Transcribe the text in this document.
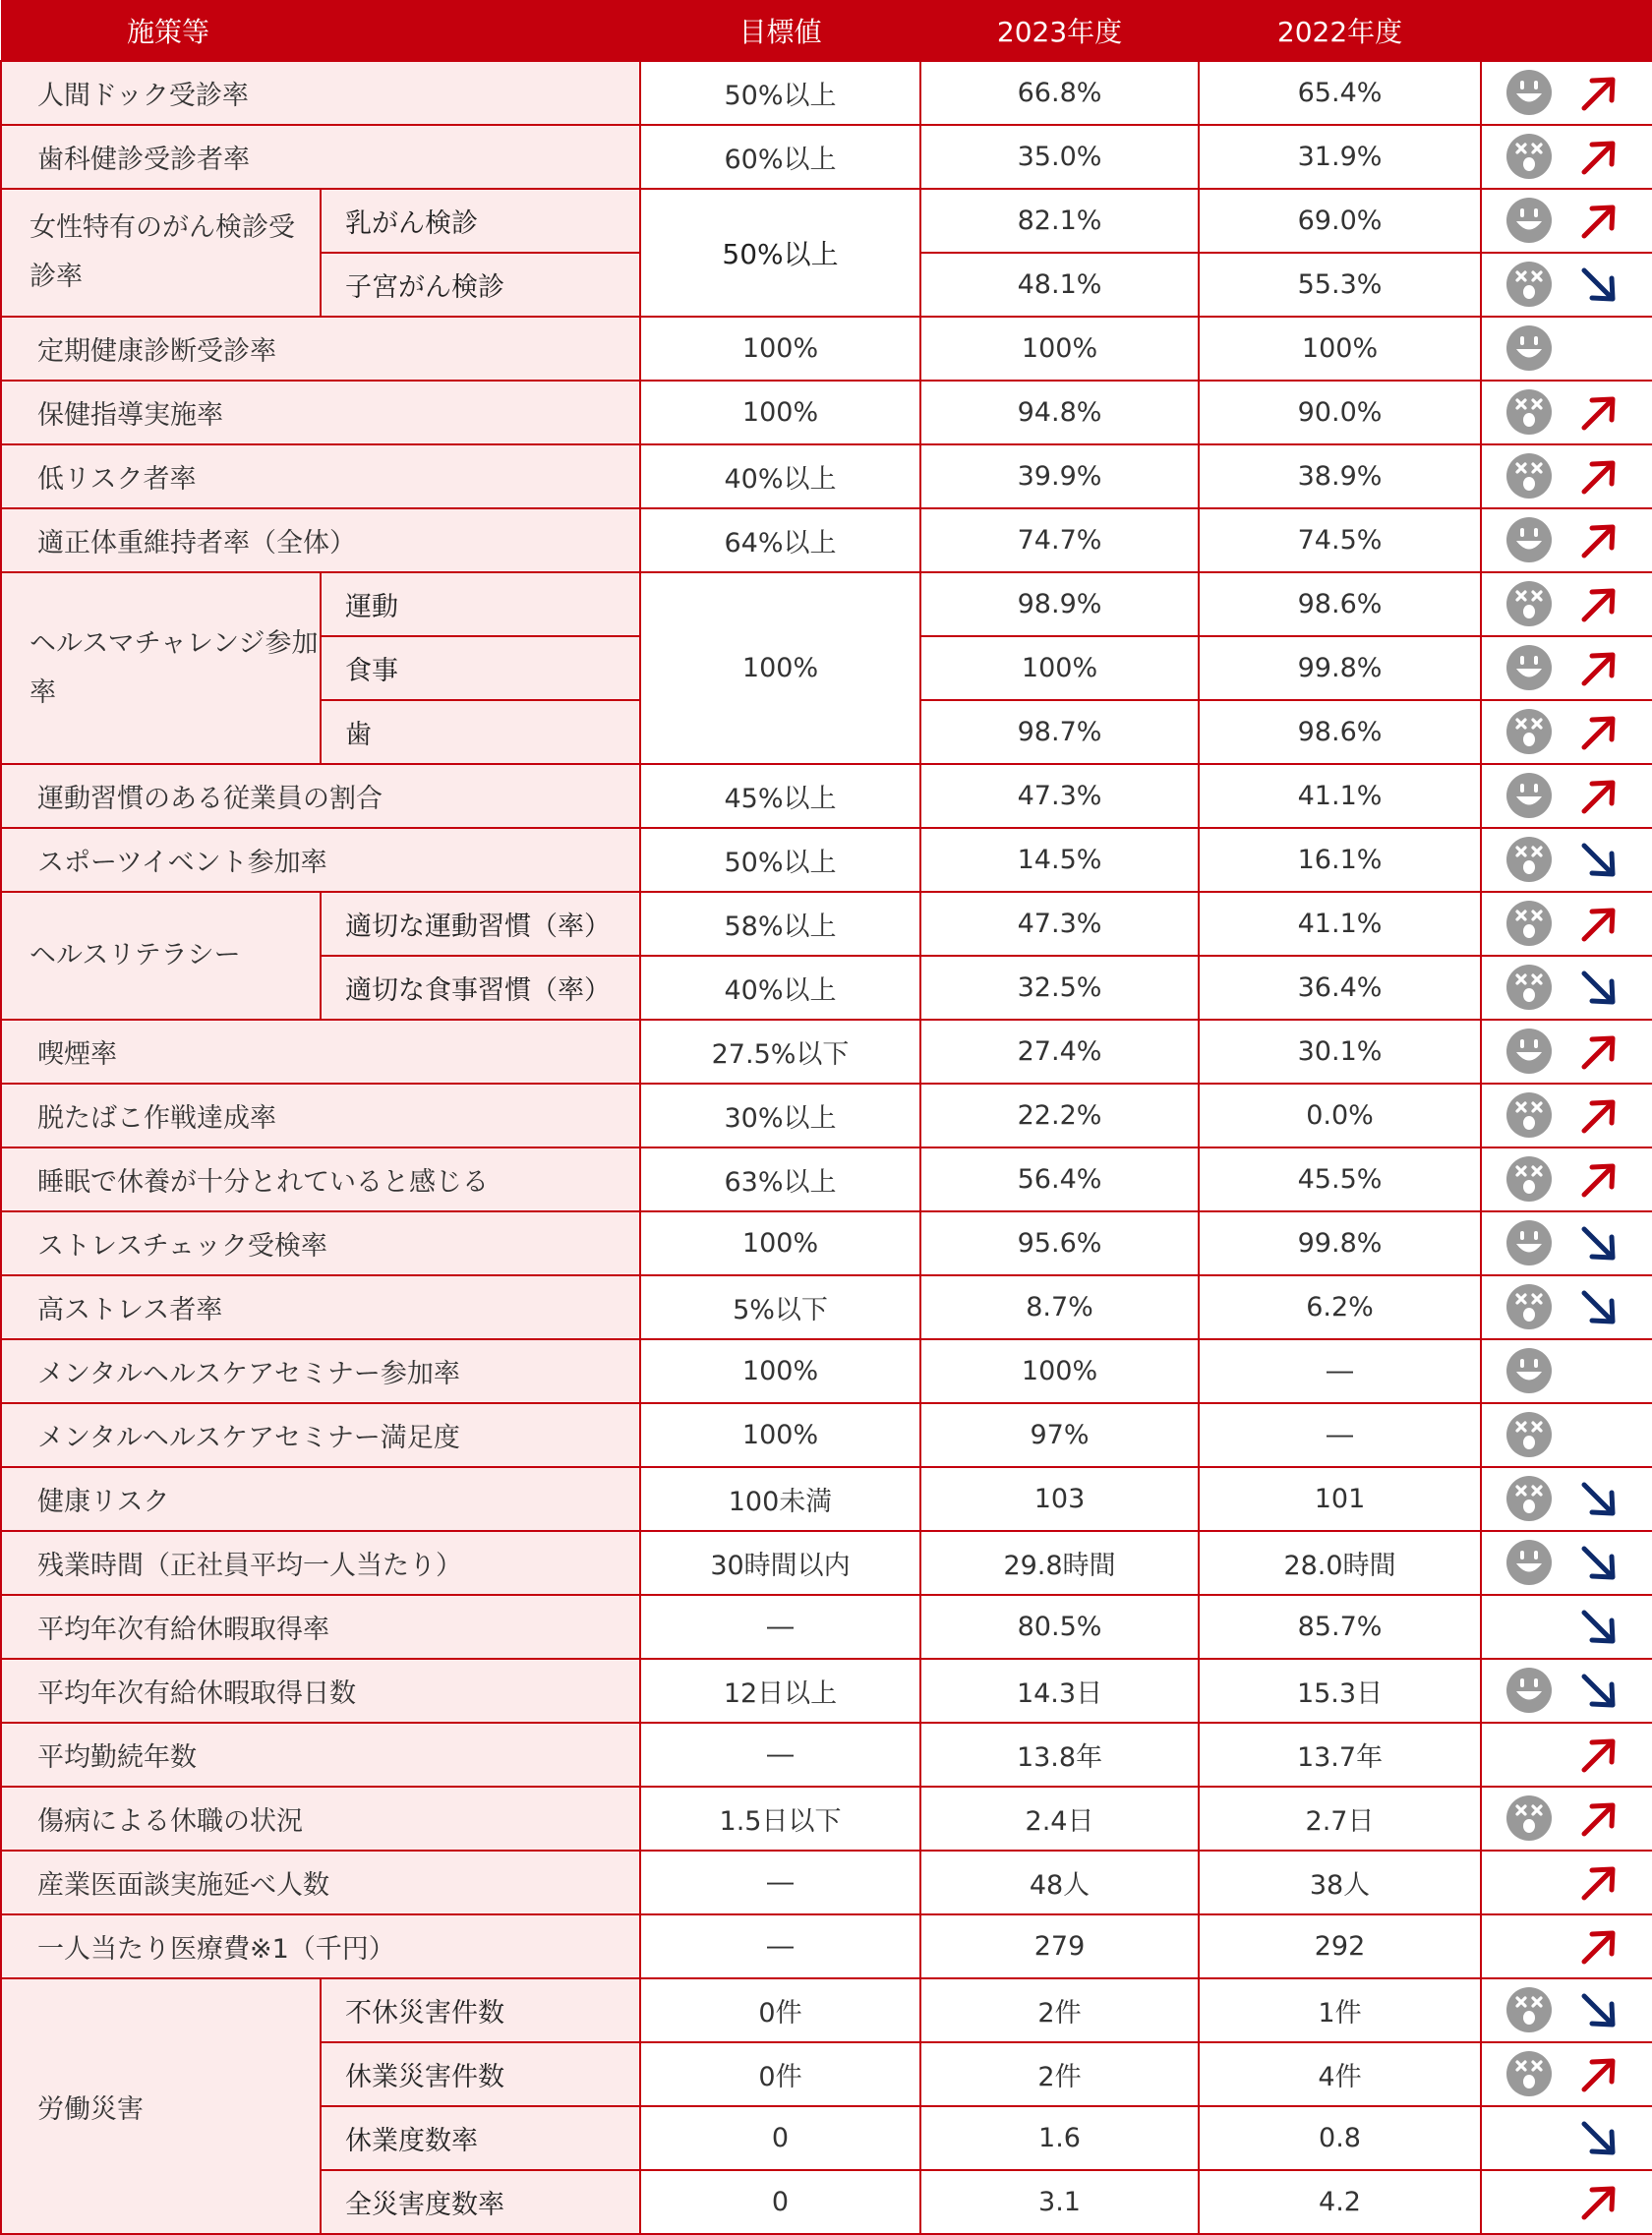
施策等		目標値	2023年度	2022年度	
人間ドック受診率		50%以上	66.8%	65.4%	

歯科健診受診者率		60%以上	35.0%	31.9%	

女性特有のがん検診受診率	乳がん検診	50%以上	82.1%	69.0%	

	子宮がん検診		48.1%	55.3%	

定期健康診断受診率		100%	100%	100%	

保健指導実施率		100%	94.8%	90.0%	

低リスク者率		40%以上	39.9%	38.9%	

適正体重維持者率（全体）		64%以上	74.7%	74.5%	

ヘルスマチャレンジ参加率	運動	100%	98.9%	98.6%	

	食事		100%	99.8%	

	歯		98.7%	98.6%	

運動習慣のある従業員の割合		45%以上	47.3%	41.1%	

スポーツイベント参加率		50%以上	14.5%	16.1%	

ヘルスリテラシー	適切な運動習慣（率）	58%以上	47.3%	41.1%	

	適切な食事習慣（率）	40%以上	32.5%	36.4%	

喫煙率		27.5%以下	27.4%	30.1%	

脱たばこ作戦達成率		30%以上	22.2%	0.0%	

睡眠で休養が十分とれていると感じる		63%以上	56.4%	45.5%	

ストレスチェック受検率		100%	95.6%	99.8%	

高ストレス者率		5%以下	8.7%	6.2%	

メンタルヘルスケアセミナー参加率		100%	100%	―	

メンタルヘルスケアセミナー満足度		100%	97%	―	

健康リスク		100未満	103	101	

残業時間（正社員平均一人当たり）		30時間以内	29.8時間	28.0時間	

平均年次有給休暇取得率		―	80.5%	85.7%	

平均年次有給休暇取得日数		12日以上	14.3日	15.3日	

平均勤続年数		―	13.8年	13.7年	

傷病による休職の状況		1.5日以下	2.4日	2.7日	

産業医面談実施延べ人数		―	48人	38人	

一人当たり医療費※1（千円）		―	279	292	

労働災害	不休災害件数	0件	2件	1件	

	休業災害件数	0件	2件	4件	

	休業度数率	0	1.6	0.8	

	全災害度数率	0	3.1	4.2	
